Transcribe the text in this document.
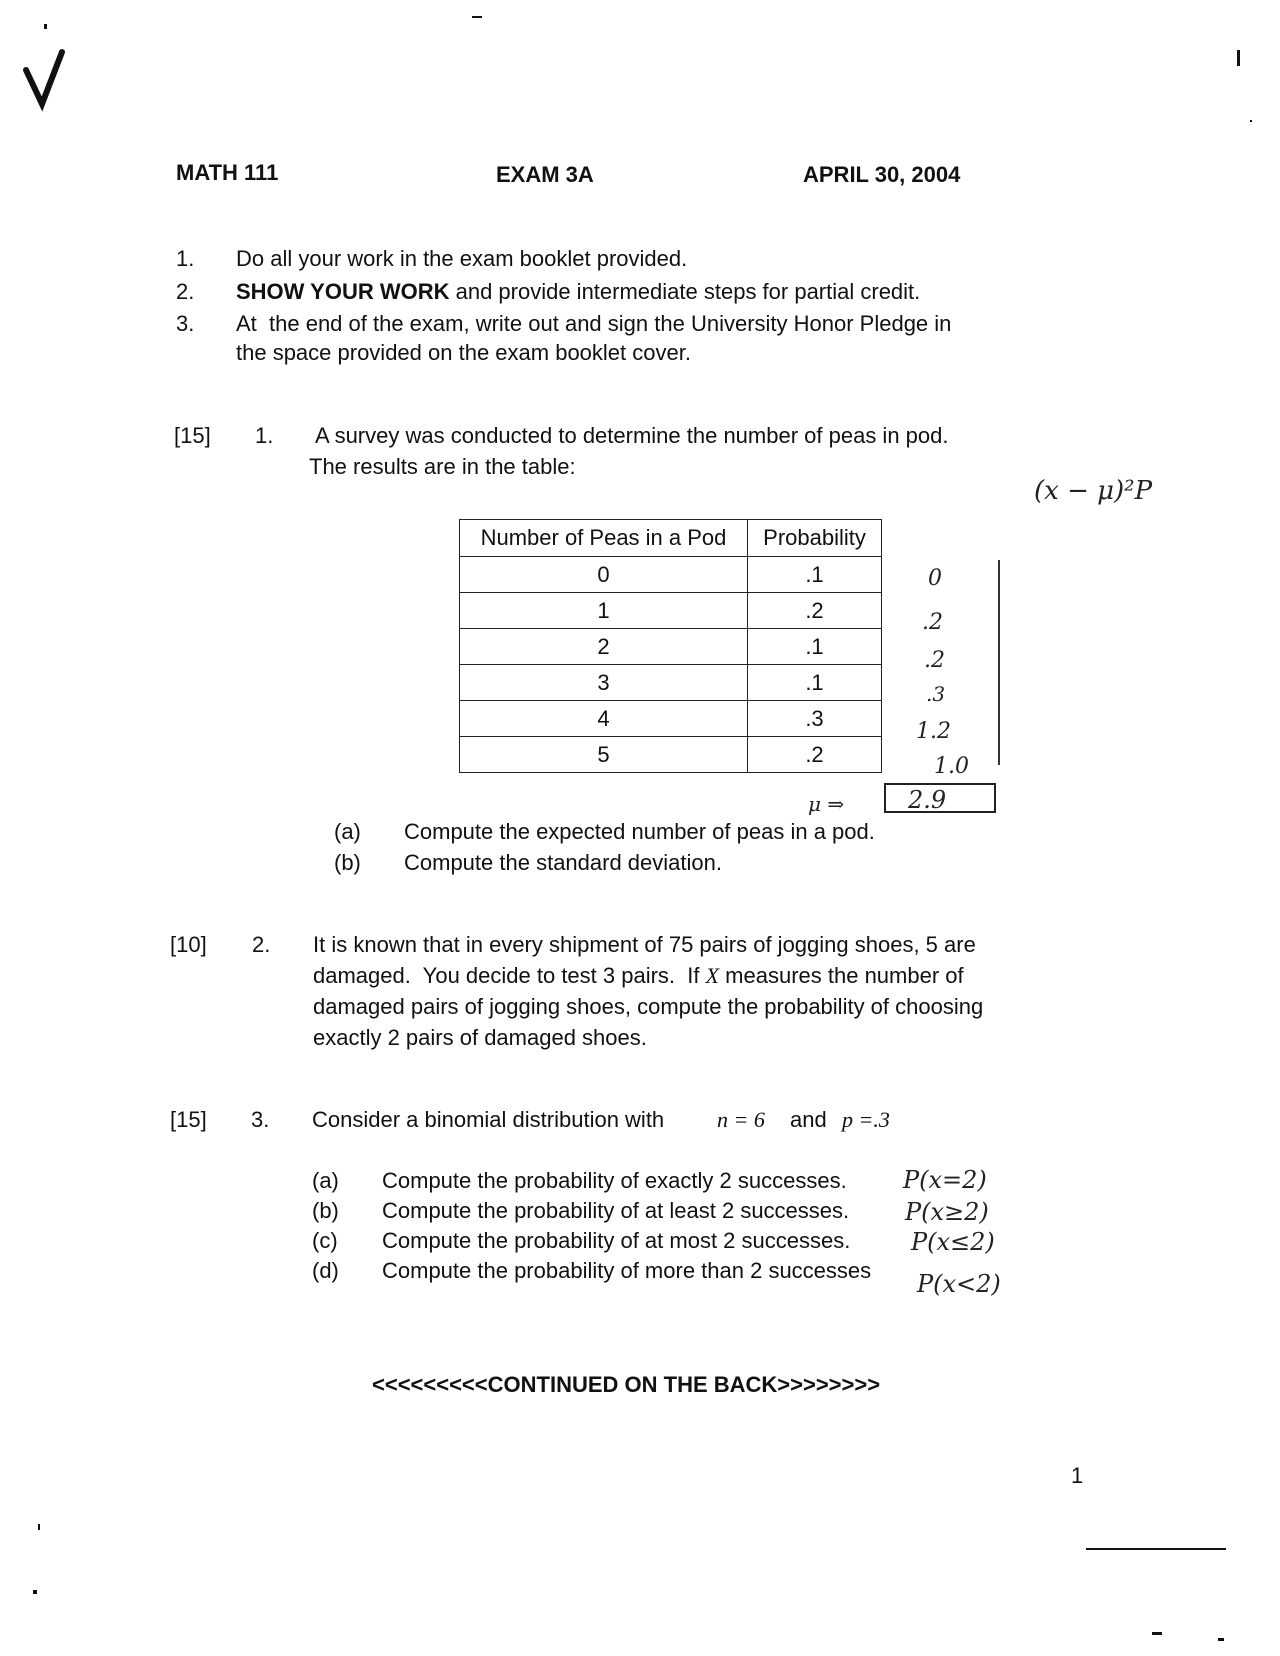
MATH 111	EXAM 3A	APRIL 30, 2004
1. Do all your work in the exam booklet provided.
2. SHOW YOUR WORK and provide intermediate steps for partial credit.
3. At  the end of the exam, write out and sign the University Honor Pledge in
the space provided on the exam booklet cover.
[15] 1. A survey was conducted to determine the number of peas in pod.
The results are in the table:
(x − μ)²P
Number of Peas in a Pod	Probability
0	.1
1	.2
2	.1
3	.1
4	.3
5	.2
0
.2
.2
.3
1.2
1.0
μ ⇒	2.9
(a) Compute the expected number of peas in a pod.
(b) Compute the standard deviation.
[10] 2. It is known that in every shipment of 75 pairs of jogging shoes, 5 are
damaged.  You decide to test 3 pairs.  If X measures the number of
damaged pairs of jogging shoes, compute the probability of choosing
exactly 2 pairs of damaged shoes.
[15] 3. Consider a binomial distribution with n = 6 and p =.3
(a) Compute the probability of exactly 2 successes.
(b) Compute the probability of at least 2 successes.
(c) Compute the probability of at most 2 successes.
(d) Compute the probability of more than 2 successes
P(x=2)
P(x≥2)
P(x≤2)
P(x<2)
<<<<<<<<<CONTINUED ON THE BACK>>>>>>>>
1
